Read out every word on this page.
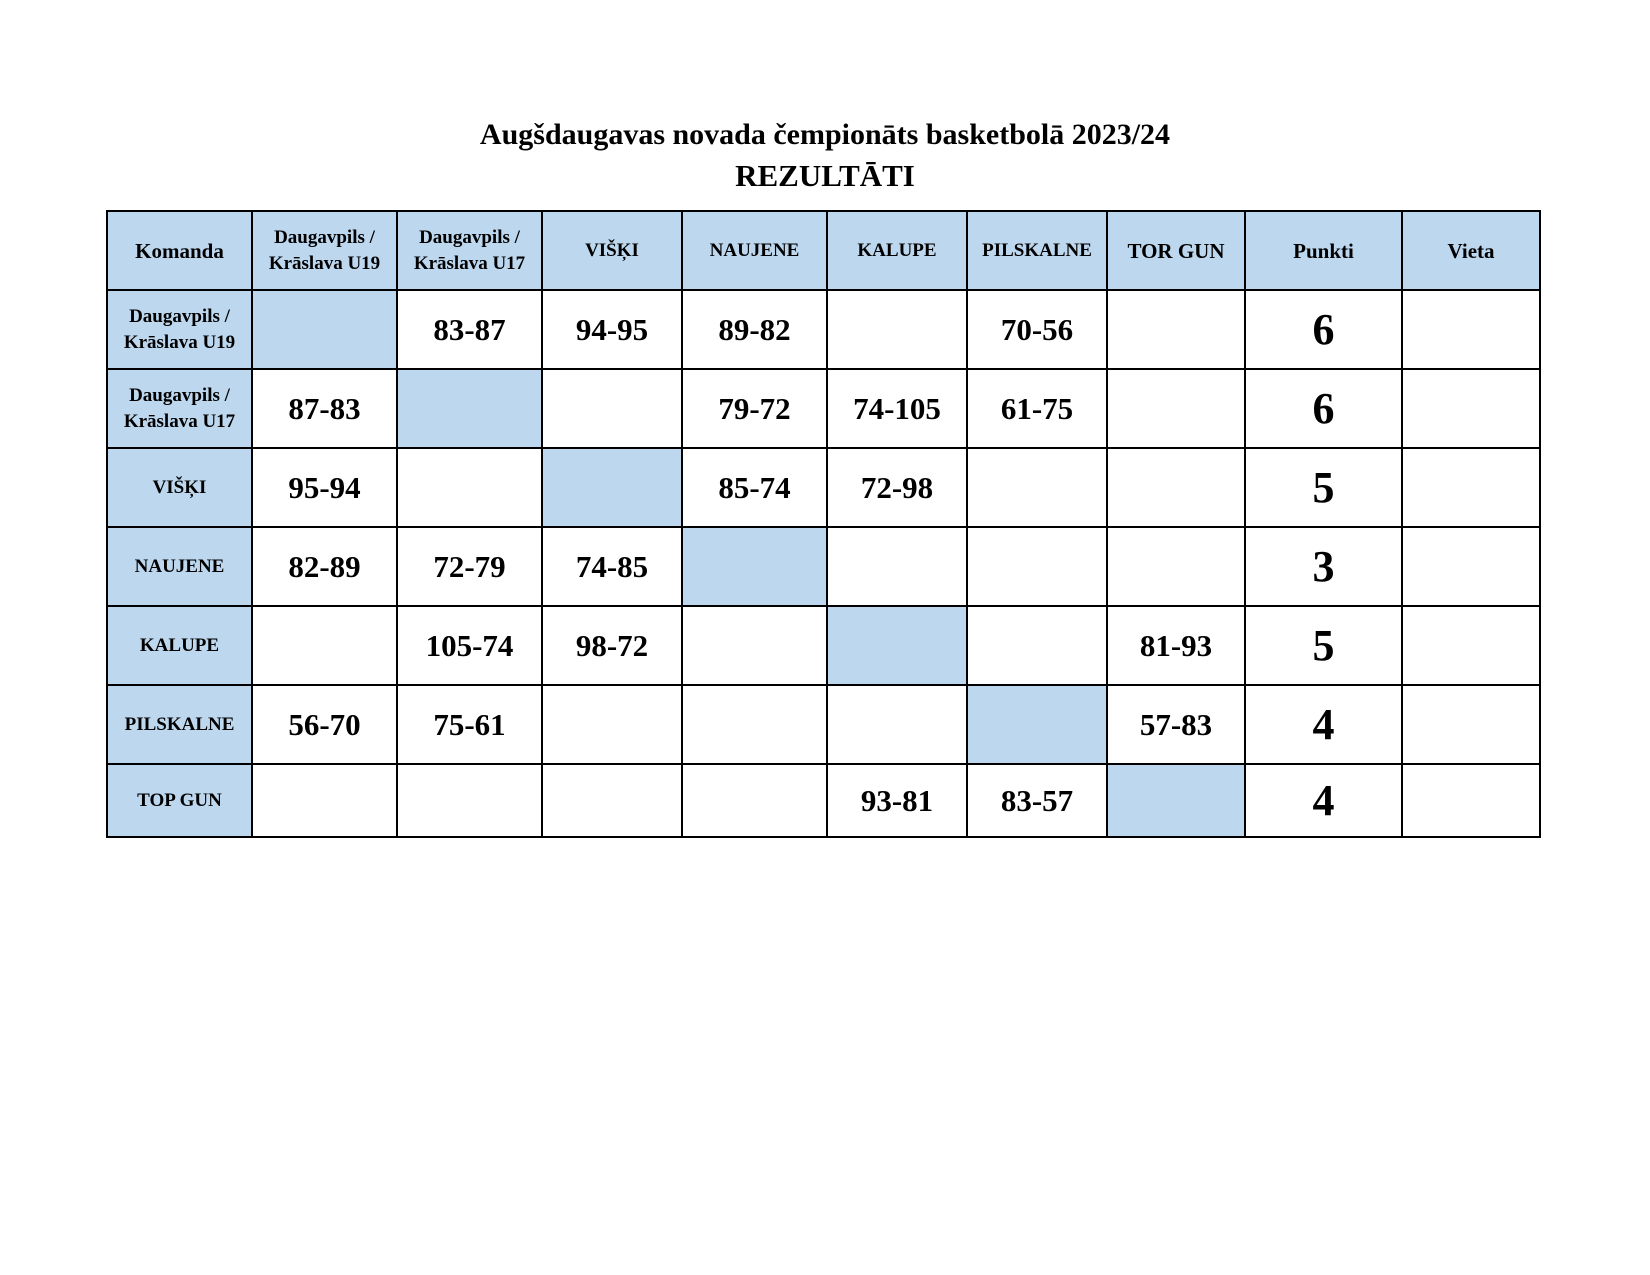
Augšdaugavas novada čempionāts basketbolā 2023/24
REZULTĀTI
Komanda	Daugavpils /
Krāslava U19	Daugavpils /
Krāslava U17	VIŠĶI	NAUJENE	KALUPE	PILSKALNE	TOR GUN	Punkti	Vieta
Daugavpils /
Krāslava U19		83-87	94-95	89-82		70-56		6	
Daugavpils /
Krāslava U17	87-83			79-72	74-105	61-75		6	
VIŠĶI	95-94			85-74	72-98			5	
NAUJENE	82-89	72-79	74-85					3	
KALUPE		105-74	98-72				81-93	5	
PILSKALNE	56-70	75-61					57-83	4	
TOP GUN					93-81	83-57		4	
